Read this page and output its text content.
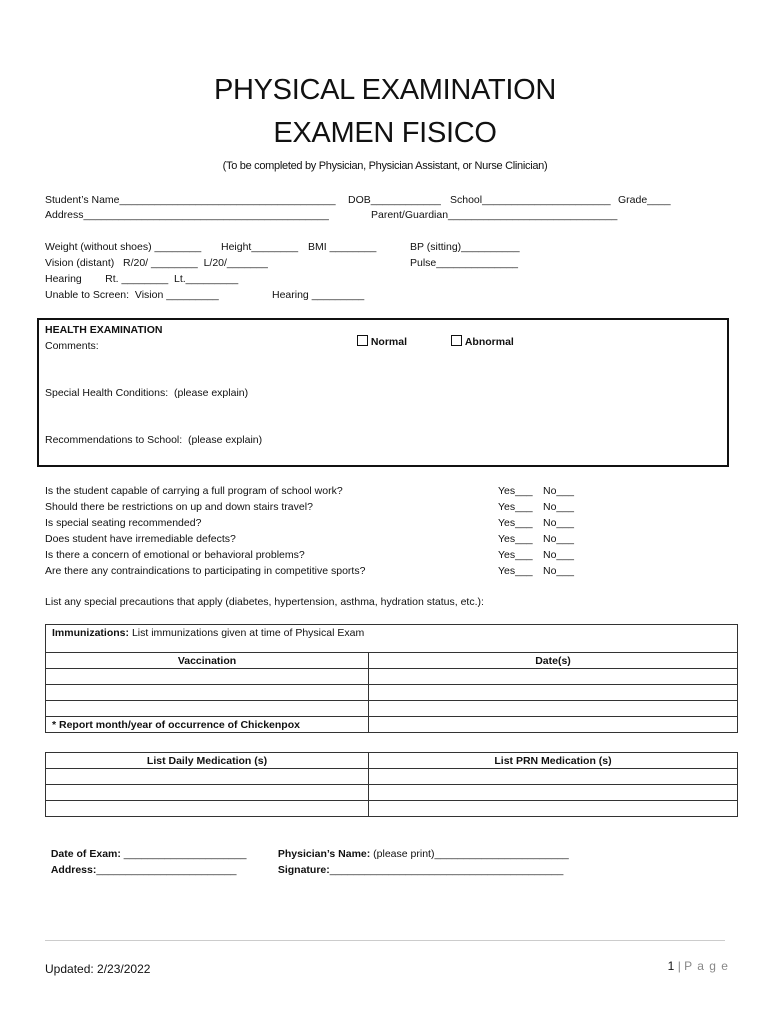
PHYSICAL EXAMINATION
EXAMEN FISICO
(To be completed by Physician, Physician Assistant, or Nurse Clinician)
Student’s Name_____________________________________ DOB____________ School______________________ Grade____
Address__________________________________________	Parent/Guardian_____________________________
Weight (without shoes) ________ Height________ BMI ________	BP (sitting)__________
Vision (distant)   R/20/ ________  L/20/_______	Pulse______________
Hearing        Rt. ________  Lt._________
Unable to Screen:  Vision _________	Hearing _________
HEALTH EXAMINATION

Normal	Abnormal

Comments:
Special Health Conditions:  (please explain)
Recommendations to School:  (please explain)
Is the student capable of carrying a full program of school work?	Yes___ No___
Should there be restrictions on up and down stairs travel?	Yes___ No___
Is special seating recommended?	Yes___ No___
Does student have irremediable defects?	Yes___ No___
Is there a concern of emotional or behavioral problems?	Yes___ No___
Are there any contraindications to participating in competitive sports?	Yes___ No___
List any special precautions that apply (diabetes, hypertension, asthma, hydration status, etc.):
Immunizations: List immunizations given at time of Physical Exam	
Vaccination	Date(s)

* Report month/year of occurrence of Chickenpox	
List Daily Medication (s)	List PRN Medication (s)

Date of Exam: _____________________

Address:________________________

Physician’s Name: (please print)_______________________

Signature:________________________________________

1 | P a g e

Updated: 2/23/2022
